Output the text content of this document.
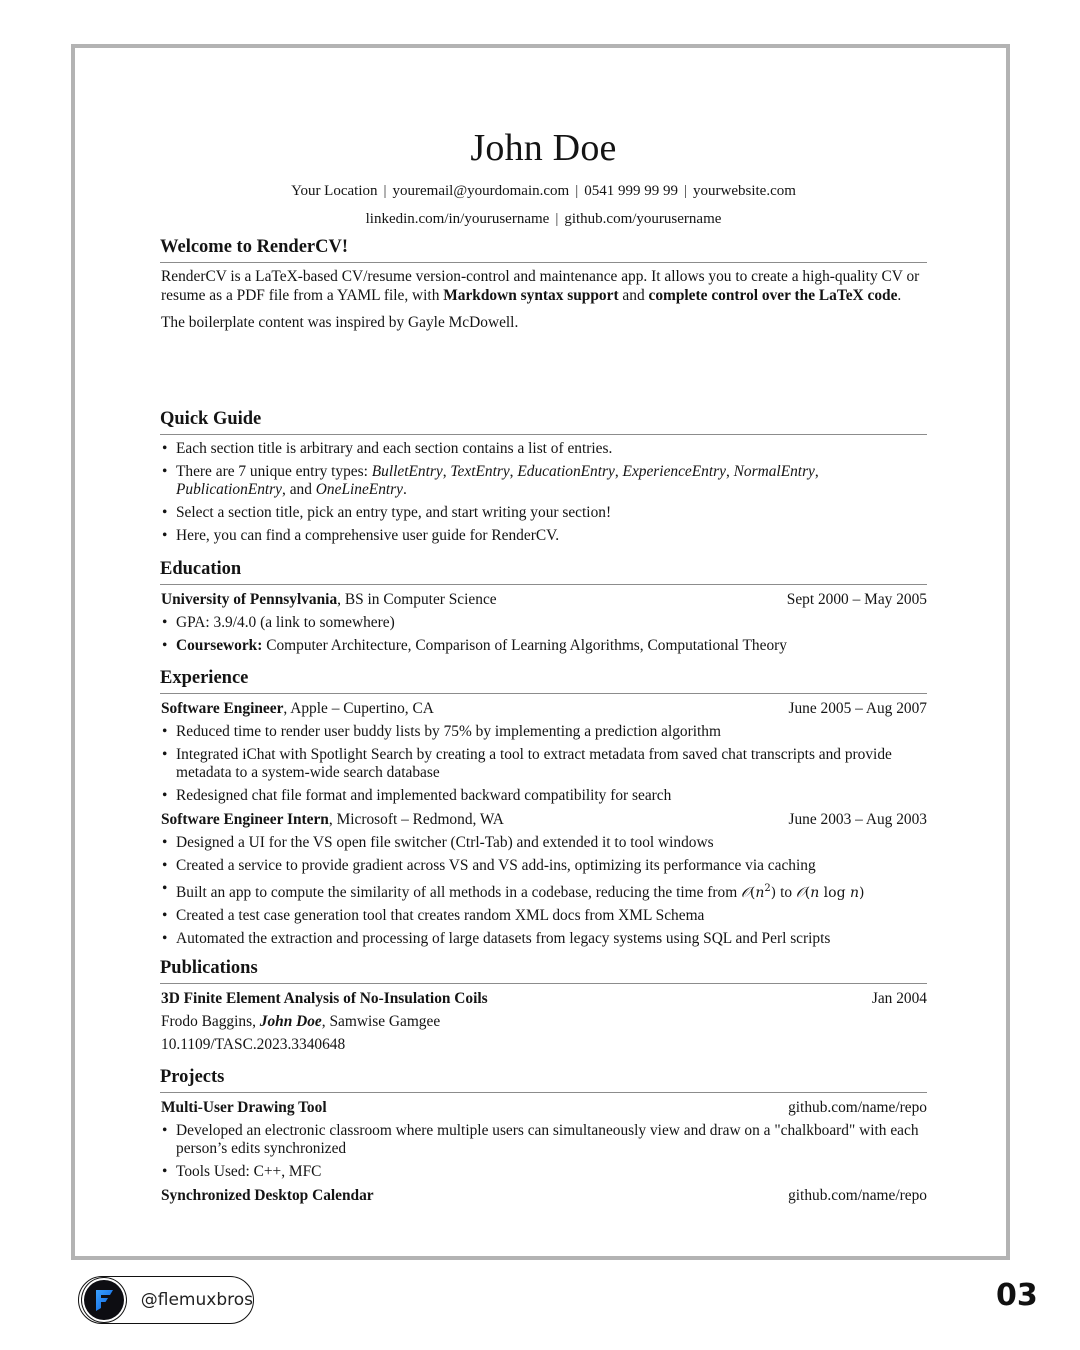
John Doe
Your Location | youremail@yourdomain.com | 0541 999 99 99 | yourwebsite.com
linkedin.com/in/yourusername | github.com/yourusername
Welcome to RenderCV!
RenderCV is a LaTeX-based CV/resume version-control and maintenance app. It allows you to create a high-quality CV or resume as a PDF file from a YAML file, with Markdown syntax support and complete control over the LaTeX code.
The boilerplate content was inspired by Gayle McDowell.
Quick Guide
• Each section title is arbitrary and each section contains a list of entries.
• There are 7 unique entry types: BulletEntry, TextEntry, EducationEntry, ExperienceEntry, NormalEntry, PublicationEntry, and OneLineEntry.
• Select a section title, pick an entry type, and start writing your section!
• Here, you can find a comprehensive user guide for RenderCV.
Education
University of Pennsylvania, BS in Computer Science	Sept 2000 – May 2005
• GPA: 3.9/4.0 (a link to somewhere)
• Coursework: Computer Architecture, Comparison of Learning Algorithms, Computational Theory
Experience
Software Engineer, Apple – Cupertino, CA	June 2005 – Aug 2007
• Reduced time to render user buddy lists by 75% by implementing a prediction algorithm
• Integrated iChat with Spotlight Search by creating a tool to extract metadata from saved chat transcripts and provide metadata to a system-wide search database
• Redesigned chat file format and implemented backward compatibility for search
Software Engineer Intern, Microsoft – Redmond, WA	June 2003 – Aug 2003
• Designed a UI for the VS open file switcher (Ctrl-Tab) and extended it to tool windows
• Created a service to provide gradient across VS and VS add-ins, optimizing its performance via caching
• Built an app to compute the similarity of all methods in a codebase, reducing the time from $𝒪(n^2)$ to 𝒪(n log n)
• Created a test case generation tool that creates random XML docs from XML Schema
• Automated the extraction and processing of large datasets from legacy systems using SQL and Perl scripts
Publications
3D Finite Element Analysis of No-Insulation Coils	Jan 2004
Frodo Baggins, John Doe, Samwise Gamgee
10.1109/TASC.2023.3340648
Projects
Multi-User Drawing Tool	github.com/name/repo
• Developed an electronic classroom where multiple users can simultaneously view and draw on a "chalkboard" with each person’s edits synchronized
• Tools Used: C++, MFC
Synchronized Desktop Calendar	github.com/name/repo
@flemuxbros	03
